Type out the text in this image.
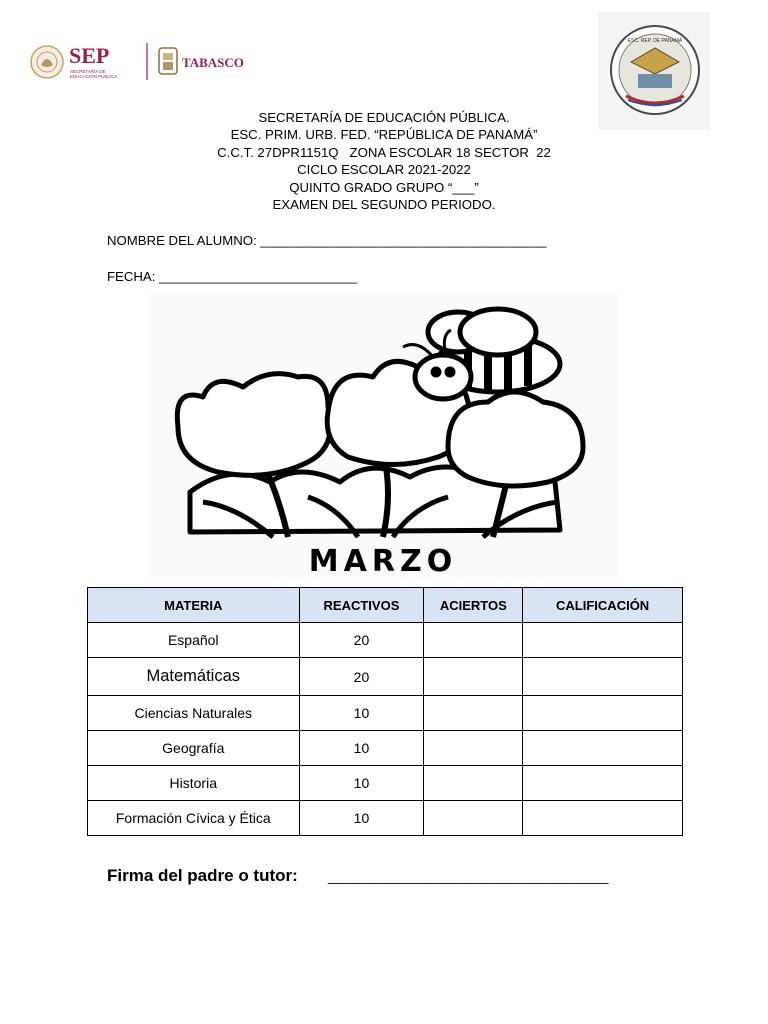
SEP
SECRETARÍA DE
EDUCACIÓN PÚBLICA
TABASCO
ESC. REP. DE PANAMÁ
SECRETARÍA DE EDUCACIÓN PÚBLICA.
ESC. PRIM. URB. FED. “REPÚBLICA DE PANAMÁ”
C.C.T. 27DPR1151Q   ZONA ESCOLAR 18 SECTOR  22
CICLO ESCOLAR 2021-2022
QUINTO GRADO GRUPO “___”
EXAMEN DEL SEGUNDO PERIODO.
NOMBRE DEL ALUMNO: _______________________________________
FECHA: ___________________________
MARZO
MATERIA	REACTIVOS	ACIERTOS	CALIFICACIÓN
Español	20		
Matemáticas	20		
Ciencias Naturales	10		
Geografía	10		
Historia	10		
Formación Cívica y Ética	10		
Firma del padre o tutor: ____________________________________
